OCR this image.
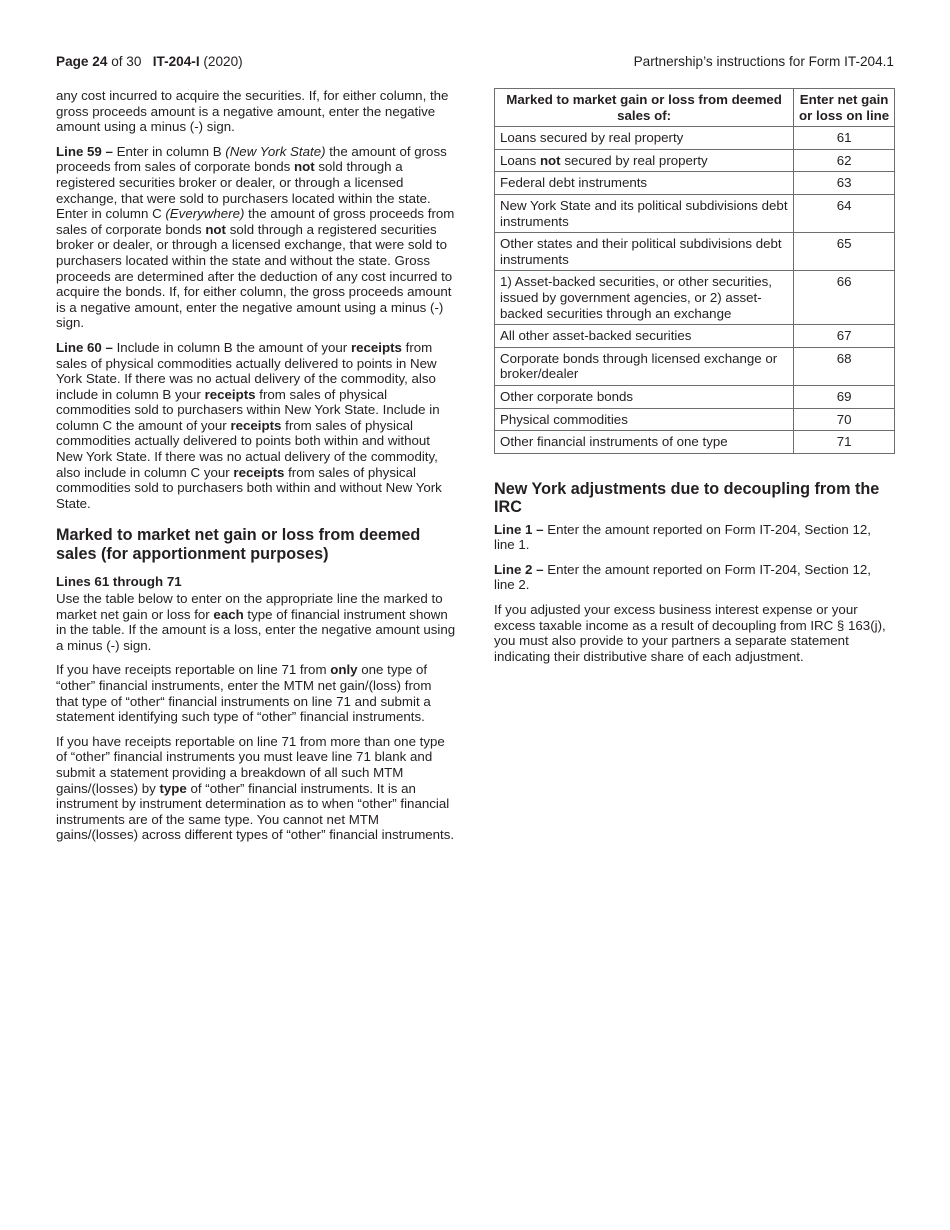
Page 24 of 30 IT-204-I (2020)	Partnership’s instructions for Form IT-204.1

any cost incurred to acquire the securities. If, for either column, the gross proceeds amount is a negative amount, enter the negative amount using a minus (-) sign.

Line 59 – Enter in column B (New York State) the amount of gross proceeds from sales of corporate bonds not sold through a registered securities broker or dealer, or through a licensed exchange, that were sold to purchasers located within the state. Enter in column C (Everywhere) the amount of gross proceeds from sales of corporate bonds not sold through a registered securities broker or dealer, or through a licensed exchange, that were sold to purchasers located within the state and without the state. Gross proceeds are determined after the deduction of any cost incurred to acquire the bonds. If, for either column, the gross proceeds amount is a negative amount, enter the negative amount using a minus (-) sign.

Line 60 – Include in column B the amount of your receipts from sales of physical commodities actually delivered to points in New York State. If there was no actual delivery of the commodity, also include in column B your receipts from sales of physical commodities sold to purchasers within New York State. Include in column C the amount of your receipts from sales of physical commodities actually delivered to points both within and without New York State. If there was no actual delivery of the commodity, also include in column C your receipts from sales of physical commodities sold to purchasers both within and without New York State.

Marked to market net gain or loss from deemed sales (for apportionment purposes)
Lines 61 through 71

Use the table below to enter on the appropriate line the marked to market net gain or loss for each type of financial instrument shown in the table. If the amount is a loss, enter the negative amount using a minus (-) sign.

If you have receipts reportable on line 71 from only one type of “other” financial instruments, enter the MTM net gain/(loss) from that type of “other“ financial instruments on line 71 and submit a statement identifying such type of “other” financial instruments.

If you have receipts reportable on line 71 from more than one type of “other” financial instruments you must leave line 71 blank and submit a statement providing a breakdown of all such MTM gains/(losses) by type of “other” financial instruments. It is an instrument by instrument determination as to when “other” financial instruments are of the same type. You cannot net MTM gains/(losses) across different types of “other” financial instruments.

Marked to market gain or loss from deemed sales of:	Enter net gain or loss on line
Loans secured by real property	61
Loans not secured by real property	62
Federal debt instruments	63
New York State and its political subdivisions debt instruments	64
Other states and their political subdivisions debt instruments	65
1) Asset-backed securities, or other securities, issued by government agencies, or 2) asset-backed securities through an exchange	66
All other asset-backed securities	67
Corporate bonds through licensed exchange or broker/dealer	68
Other corporate bonds	69
Physical commodities	70
Other financial instruments of one type	71
New York adjustments due to decoupling from the IRC

Line 1 – Enter the amount reported on Form IT-204, Section 12, line 1.

Line 2 – Enter the amount reported on Form IT-204, Section 12, line 2.

If you adjusted your excess business interest expense or your excess taxable income as a result of decoupling from IRC § 163(j), you must also provide to your partners a separate statement indicating their distributive share of each adjustment.
